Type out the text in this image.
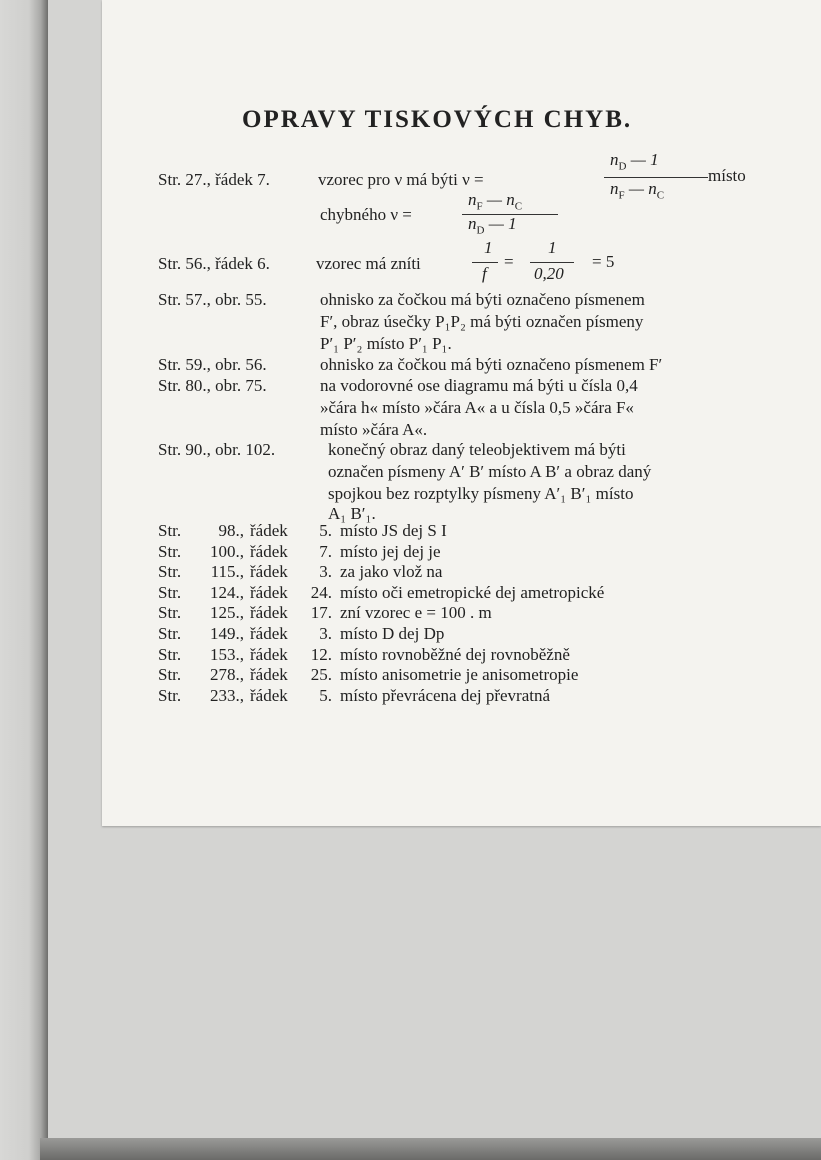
OPRAVY TISKOVÝCH CHYB.
Str. 27., řádek 7.	vzorec pro ν má býti ν =
$n_D$ — 1
$n_F$ — $n_C$
místo
chybného ν =
$n_F$ — $n_C$
$n_D$ — 1
Str. 56., řádek 6.	vzorec má zníti
1
f
=
1
0,20
= 5
Str. 57., obr. 55.	ohnisko za čočkou má býti označeno písmenem
F′, obraz úsečky P₁P₂ má býti označen písmeny
P′₁ P′₂ místo P′₁ P₁.
Str. 59., obr. 56.	ohnisko za čočkou má býti označeno písmenem F′
Str. 80., obr. 75.	na vodorovné ose diagramu má býti u čísla 0,4
»čára h« místo »čára A« a u čísla 0,5 »čára F«
místo »čára A«.
Str. 90., obr. 102.	konečný obraz daný teleobjektivem má býti
označen písmeny A′ B′ místo A B′ a obraz daný
spojkou bez rozptylky písmeny A′₁ B′₁ místo
A₁ B′₁.
Str.	98., řádek	5. místo JS dej S I
Str.	100., řádek	7. místo jej dej je
Str.	115., řádek	3. za jako vlož na
Str.	124., řádek	24. místo oči emetropické dej ametropické
Str.	125., řádek	17. zní vzorec e = 100 . m
Str.	149., řádek	3. místo D dej Dp
Str.	153., řádek	12. místo rovnoběžné dej rovnoběžně
Str.	278., řádek	25. místo anisometrie je anisometropie
Str.	233., řádek	5. místo převrácena dej převratná
